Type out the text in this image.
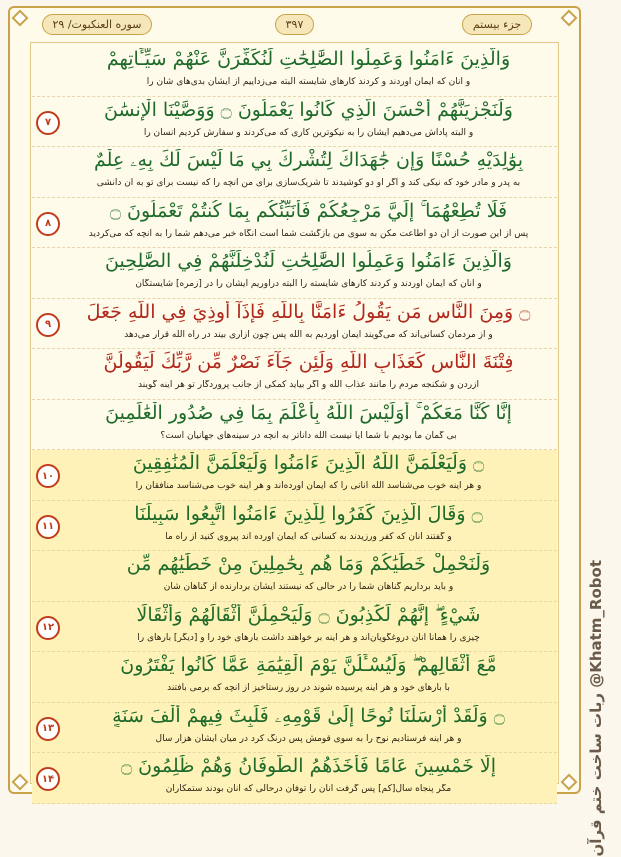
جزء بیستم
۳۹۷
سوره العنکبوت/ ۲۹
وَالَّذِينَ ءَامَنُوا وَعَمِلُوا الصَّٰلِحَٰتِ لَنُكَفِّرَنَّ عَنْهُمْ سَيِّـَٔاتِهِمْ
و آنان که ایمان آوردند و کردند کارهای شایسته البته می‌زداییم از ایشان بدی‌های شان را
وَلَنَجْزِيَنَّهُمْ أَحْسَنَ الَّذِي كَانُوا يَعْمَلُونَ ۝ وَوَصَّيْنَا الْإِنسَٰنَ
و البته پاداش می‌دهیم ایشان را به نیکوترین کاری که می‌کردند و سفارش کردیم انسان را
۷
بِوَٰلِدَيْهِ حُسْنًا وَإِن جَٰهَدَاكَ لِتُشْرِكَ بِي مَا لَيْسَ لَكَ بِهِۦ عِلْمٌ
به پدر و مادر خود که نیکی کند و اگر او دو کوشیدند تا شریک‌سازی برای من آنچه را که نیست برای تو به آن دانشی
فَلَا تُطِعْهُمَا ۚ إِلَيَّ مَرْجِعُكُمْ فَأُنَبِّئُكُم بِمَا كُنتُمْ تَعْمَلُونَ ۝
پس از این صورت از آن دو اطاعت مکن به سوی من بازگشت شما است آنگاه خبر می‌دهم شما را به آنچه که می‌کردید
۸
وَالَّذِينَ ءَامَنُوا وَعَمِلُوا الصَّٰلِحَٰتِ لَنُدْخِلَنَّهُمْ فِي الصَّٰلِحِينَ
و آنان که ایمان آوردند و کردند کارهای شایسته را البته درآوریم ایشان را در [زمره] شایستگان
۝ وَمِنَ النَّاسِ مَن يَقُولُ ءَامَنَّا بِاللَّهِ فَإِذَآ أُوذِيَ فِي اللَّهِ جَعَلَ
و از مردمان کسانی‌اند که می‌گویند ایمان آوردیم به الله پس چون آزاری بیند در راه الله قرار می‌دهد
۹
فِتْنَةَ النَّاسِ كَعَذَابِ اللَّهِ وَلَئِن جَآءَ نَصْرٌ مِّن رَّبِّكَ لَيَقُولُنَّ
آزردن و شکنجه مردم را مانند عذاب الله و اگر بیاید کمکی از جانب پروردگار تو هر آینه گویند
إِنَّا كُنَّا مَعَكُمْ ۚ أَوَلَيْسَ اللَّهُ بِأَعْلَمَ بِمَا فِي صُدُورِ الْعَٰلَمِينَ
بی گمان ما بودیم با شما آیا نیست الله داناتر به آنچه در سینه‌های جهانیان است؟
۝ وَلَيَعْلَمَنَّ اللَّهُ الَّذِينَ ءَامَنُوا وَلَيَعْلَمَنَّ الْمُنَٰفِقِينَ
و هر آینه خوب می‌شناسد الله آنانی را که ایمان آورده‌اند و هر آینه خوب می‌شناسد منافقان را
۱۰
۝ وَقَالَ الَّذِينَ كَفَرُوا لِلَّذِينَ ءَامَنُوا اتَّبِعُوا سَبِيلَنَا
و گفتند آنان که کفر ورزیدند به کسانی که ایمان آورده اند پیروی کنید از راه ما
۱۱
وَلْنَحْمِلْ خَطَٰيَٰكُمْ وَمَا هُم بِحَٰمِلِينَ مِنْ خَطَٰيَٰهُم مِّن
و باید برداریم گناهان شما را در حالی که نیستند ایشان بردارنده از گناهان شان
شَيْءٍ ۖ إِنَّهُمْ لَكَٰذِبُونَ ۝ وَلَيَحْمِلُنَّ أَثْقَالَهُمْ وَأَثْقَالًا
چیزی را همانا آنان دروغگویان‌اند و هر آینه بر خواهند داشت بارهای خود را و [دیگر] بارهای را
۱۲
مَّعَ أَثْقَالِهِمْ ۖ وَلَيُسْـَٔلُنَّ يَوْمَ الْقِيَٰمَةِ عَمَّا كَانُوا يَفْتَرُونَ
با بارهای خود و هر آینه پرسیده شوند در روز رستاخیز از آنچه که برمی بافتند
۝ وَلَقَدْ أَرْسَلْنَا نُوحًا إِلَىٰ قَوْمِهِۦ فَلَبِثَ فِيهِمْ أَلْفَ سَنَةٍ
و هر آینه فرستادیم نوح را به سوی قومش پس درنگ کرد در میان ایشان هزار سال
۱۳
إِلَّا خَمْسِينَ عَامًا فَأَخَذَهُمُ الطُّوفَانُ وَهُمْ ظَٰلِمُونَ ۝
مگر پنجاه سال[کم] پس گرفت آنان را توفان درحالی که آنان بودند ستمکاران
۱۴	ربات ساخت ختم قرآن @Khatm_Robot
